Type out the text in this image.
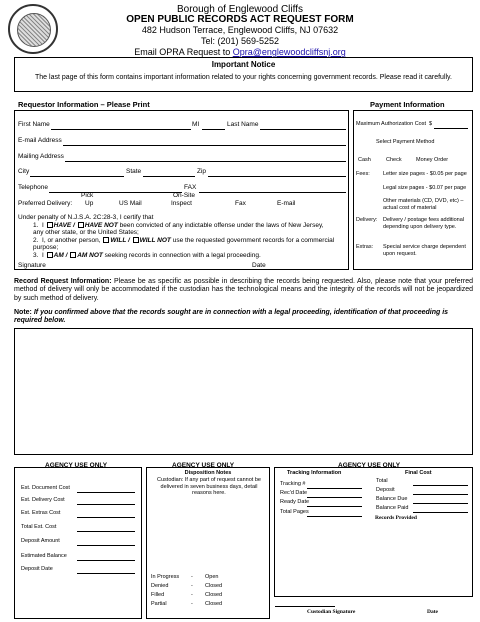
Borough of Englewood Cliffs
OPEN PUBLIC RECORDS ACT REQUEST FORM
482 Hudson Terrace, Englewood Cliffs, NJ 07632
Tel: (201) 569-5252
Email OPRA Request to Opra@englewoodcliffsnj.org
Important Notice
The last page of this form contains important information related to your rights concerning government records. Please read it carefully.
Requestor Information – Please Print	Payment Information
First Name	MI	Last Name
E-mail Address
Mailing Address
City	State	Zip
Telephone	FAX
Pick	On-Site
Preferred Delivery: Up	US Mail	Inspect	Fax	E-mail
Under penalty of N.J.S.A. 2C:28-3, I certify that
1. I HAVE / HAVE NOT been convicted of any indictable offense under the laws of New Jersey, any other state, or the United States;
2. I, or another person, WILL / WILL NOT use the requested government records for a commercial purpose;
3. I AM / AM NOT seeking records in connection with a legal proceeding.
Signature	Date
Maximum Authorization Cost $
Select Payment Method
Cash	Check	Money Order
Fees: Letter size pages - $0.05 per page
Legal size pages - $0.07 per page
Other materials (CD, DVD, etc) – actual cost of material
Delivery: Delivery / postage fees additional depending upon delivery type.
Extras: Special service charge dependent upon request.
Record Request Information: Please be as specific as possible in describing the records being requested. Also, please note that your preferred method of delivery will only be accommodated if the custodian has the technological means and the integrity of the records will not be jeopardized by such method of delivery.
Note: If you confirmed above that the records sought are in connection with a legal proceeding, identification of that proceeding is required below.
AGENCY USE ONLY	AGENCY USE ONLY	AGENCY USE ONLY
Est. Document Cost
Est. Delivery Cost
Est. Extras Cost
Total Est. Cost
Deposit Amount
Estimated Balance
Deposit Date
Disposition Notes
Custodian: If any part of request cannot be delivered in seven business days, detail reasons here.
In Progress - Open
Denied	- Closed
Filled	- Closed
Partial	- Closed
Tracking Information	Final Cost
Tracking #
Rec'd Date
Ready Date
Total Pages
Total
Deposit
Balance Due
Balance Paid
Records Provided
Custodian Signature	Date
